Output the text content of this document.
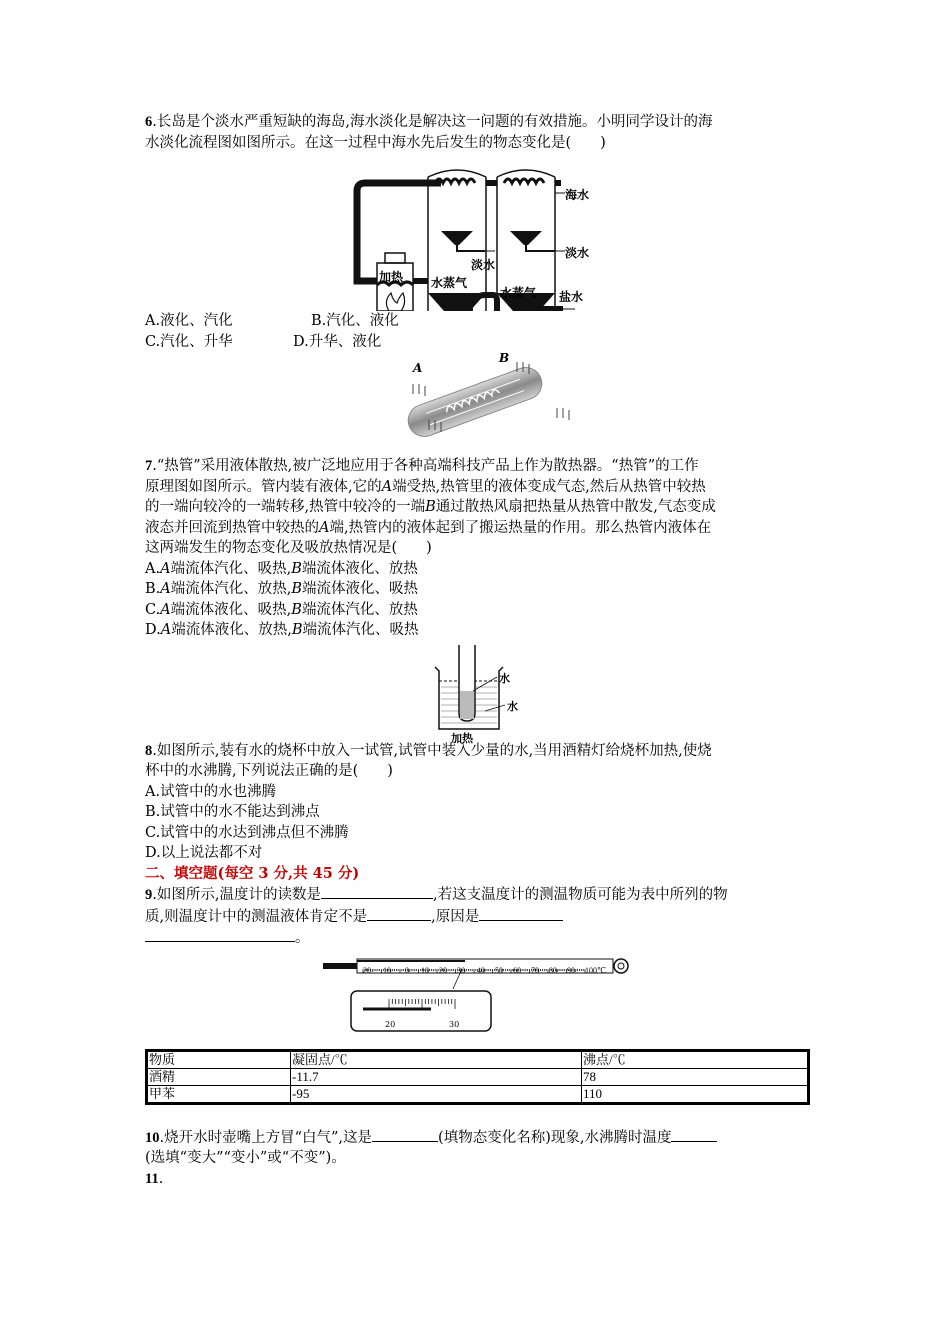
6.长岛是个淡水严重短缺的海岛,海水淡化是解决这一问题的有效措施。小明同学设计的海

水淡化流程图如图所示。在这一过程中海水先后发生的物态变化是(　　)

海水
淡水
淡水
加热 水蒸气
水蒸气 盐水

A.液化、汽化	B.汽化、液化

C.汽化、升华	D.升华、液化

A
B

7.“热管”采用液体散热,被广泛地应用于各种高端科技产品上作为散热器。“热管”的工作

原理图如图所示。管内装有液体,它的A端受热,热管里的液体变成气态,然后从热管中较热

的一端向较冷的一端转移,热管中较冷的一端B通过散热风扇把热量从热管中散发,气态变成

液态并回流到热管中较热的A端,热管内的液体起到了搬运热量的作用。那么热管内液体在

这两端发生的物态变化及吸放热情况是(　　)

A.A端流体汽化、吸热,B端流体液化、放热

B.A端流体汽化、放热,B端流体液化、吸热

C.A端流体液化、吸热,B端流体汽化、放热

D.A端流体液化、放热,B端流体汽化、吸热

水
水
加热

8.如图所示,装有水的烧杯中放入一试管,试管中装入少量的水,当用酒精灯给烧杯加热,使烧

杯中的水沸腾,下列说法正确的是(　　)

A.试管中的水也沸腾

B.试管中的水不能达到沸点

C.试管中的水达到沸点但不沸腾

D.以上说法都不对

二、填空题(每空 3 分,共 45 分)

9.如图所示,温度计的读数是	,若这支温度计的测温物质可能为表中所列的物

质,则温度计中的测温液体肯定不是	,原因是

。

20 10 0 10 20 30 40 50 60 70 80 90 100℃
20	30
物质	凝固点/℃	沸点/℃
酒精	-11.7	78
甲苯	-95	110

10.烧开水时壶嘴上方冒“白气”,这是	(填物态变化名称)现象,水沸腾时温度

(选填“变大”“变小”或“不变”)。

11.
